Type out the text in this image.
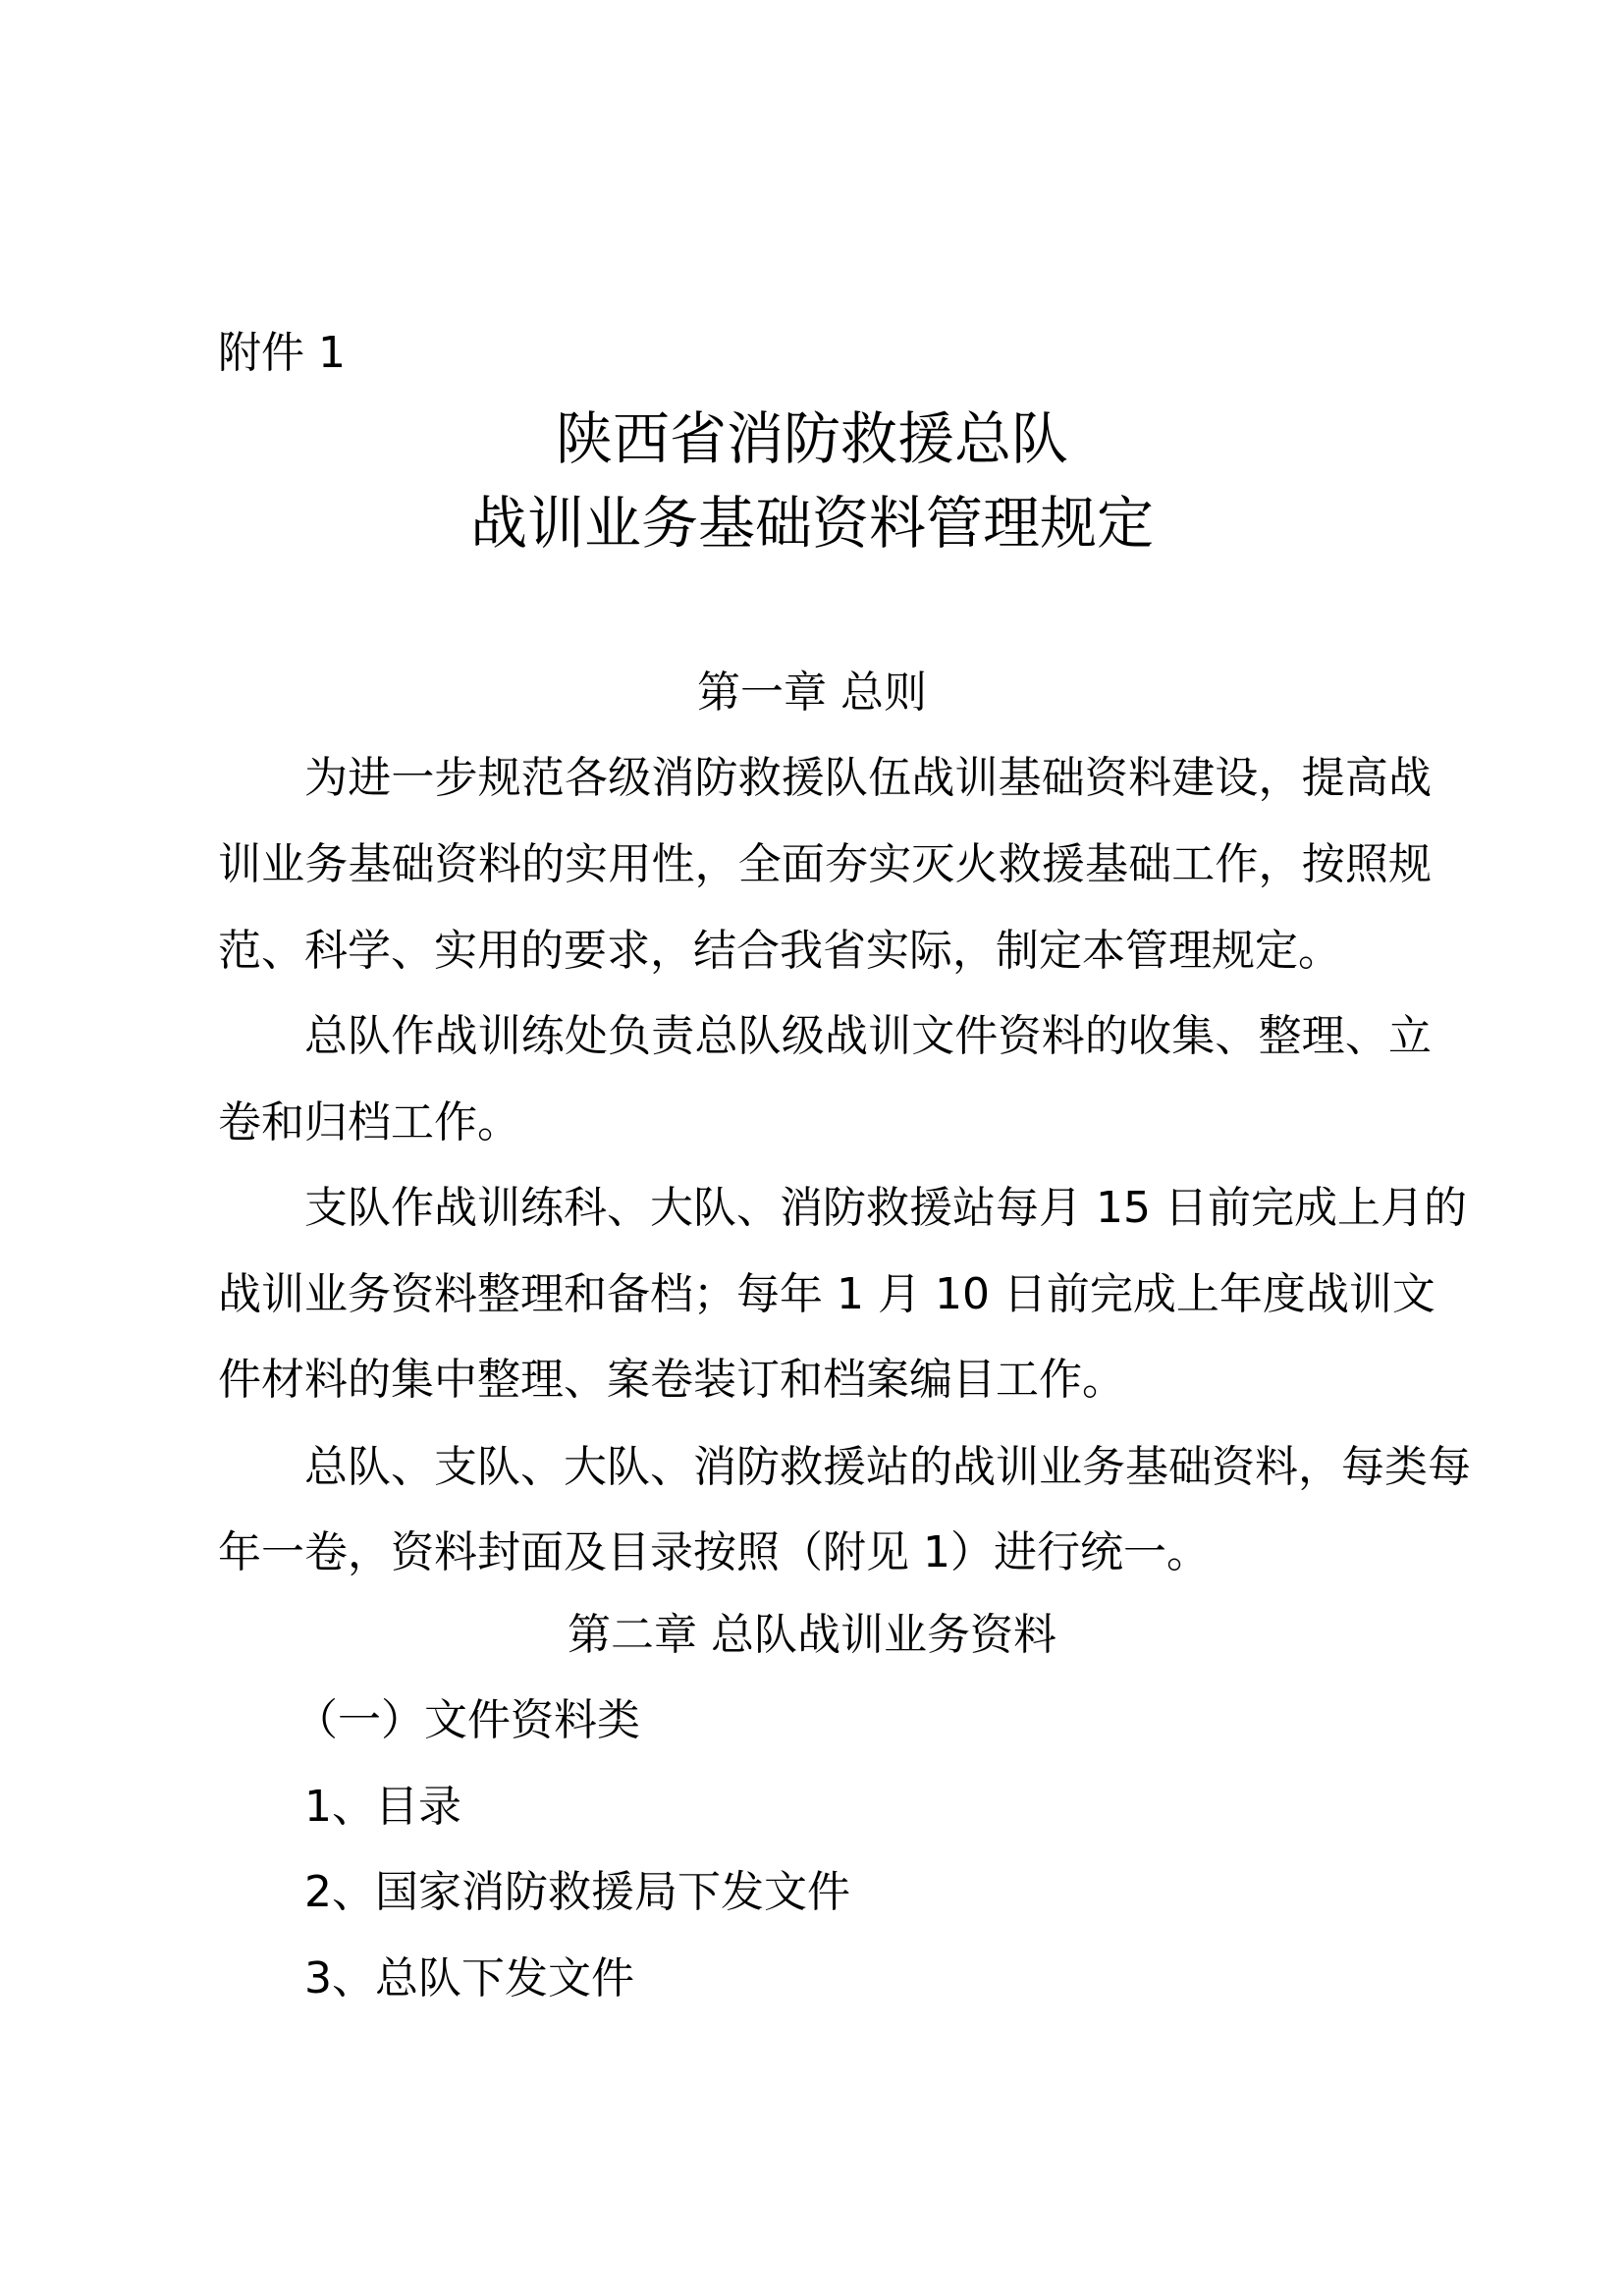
附件 1
陕西省消防救援总队
战训业务基础资料管理规定
第一章 总则
为进一步规范各级消防救援队伍战训基础资料建设，提高战
训业务基础资料的实用性，全面夯实灭火救援基础工作，按照规
范、科学、实用的要求，结合我省实际，制定本管理规定。
总队作战训练处负责总队级战训文件资料的收集、整理、立
卷和归档工作。
支队作战训练科、大队、消防救援站每月 15 日前完成上月的
战训业务资料整理和备档；每年 1 月 10 日前完成上年度战训文
件材料的集中整理、案卷装订和档案编目工作。
总队、支队、大队、消防救援站的战训业务基础资料，每类每
年一卷，资料封面及目录按照（附见 1）进行统一。
第二章 总队战训业务资料
（一）文件资料类
1、目录
2、国家消防救援局下发文件
3、总队下发文件
